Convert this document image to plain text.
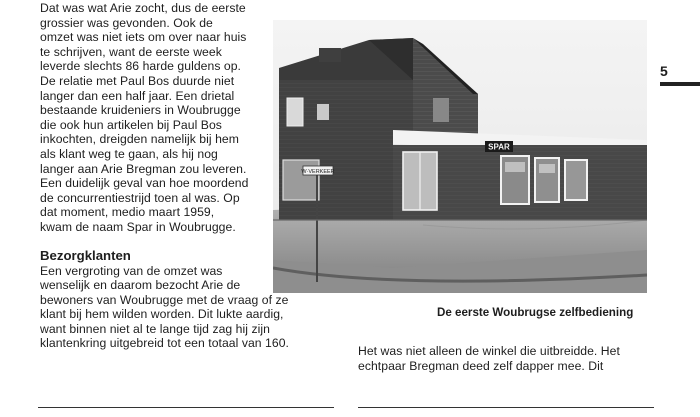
Dat was wat Arie zocht, dus de eerste
grossier was gevonden. Ook de
omzet was niet iets om over naar huis
te schrijven, want de eerste week
leverde slechts 86 harde guldens op.
De relatie met Paul Bos duurde niet
langer dan een half jaar. Een drietal
bestaande kruideniers in Woubrugge
die ook hun artikelen bij Paul Bos
inkochten, dreigden namelijk bij hem
als klant weg te gaan, als hij nog
langer aan Arie Bregman zou leveren.
Een duidelijk geval van hoe moordend
de concurrentiestrijd toen al was. Op
dat moment, medio maart 1959,
kwam de naam Spar in Woubrugge.
Bezorgklanten
Een vergroting van de omzet was
wenselijk en daarom bezocht Arie de
bewoners van Woubrugge met de vraag of ze
klant bij hem wilden worden. Dit lukte aardig,
want binnen niet al te lange tijd zag hij zijn
klantenkring uitgebreid tot een totaal van 160.
SPAR
W·VERKEER
De eerste Woubrugse zelfbediening
Het was niet alleen de winkel die uitbreidde. Het
echtpaar Bregman deed zelf dapper mee. Dit
5
